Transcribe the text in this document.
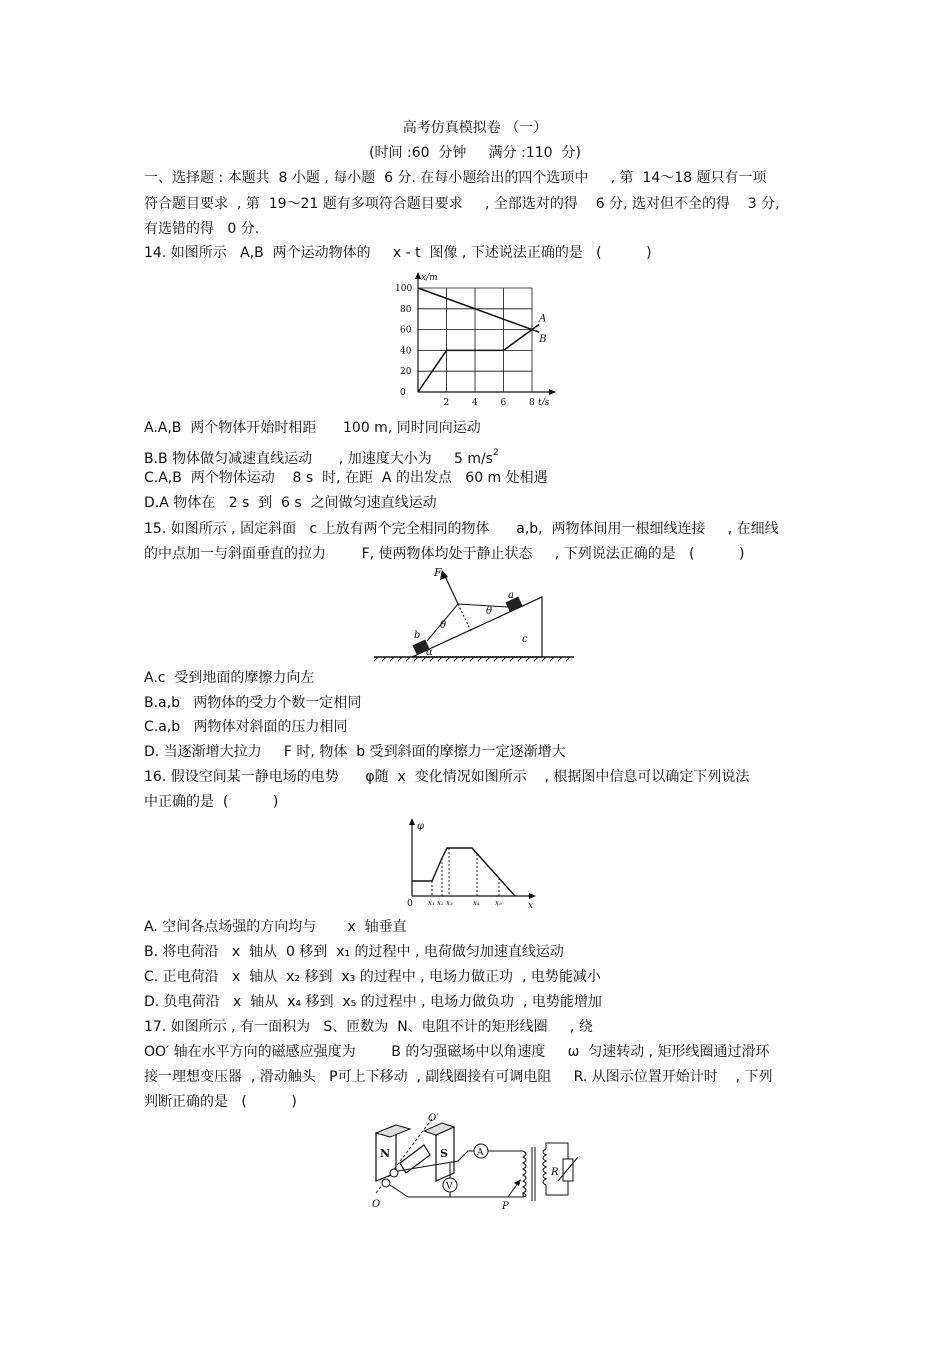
高考仿真模拟卷 （一）
(时间 :60  分钟     满分 :110  分)
一、选择题 : 本题共  8 小题 , 每小题  6 分. 在每小题给出的四个选项中     , 第  14～18 题只有一项
符合题目要求  , 第  19～21 题有多项符合题目要求     , 全部选对的得    6 分, 选对但不全的得    3 分,
有选错的得   0 分.
14. 如图所示   A,B  两个运动物体的     x - t  图像 , 下述说法正确的是   (          )
2	4	6	8
0
20
40
60
80
100
t/s
x/m
A
B
A.A,B  两个物体开始时相距      100 m, 同时同向运动
B.B 物体做匀减速直线运动      , 加速度大小为     5 $m/s^2$
C.A,B  两个物体运动    8 s  时, 在距  A 的出发点   60 m 处相遇
D.A 物体在   2 s  到  6 s  之间做匀速直线运动
15. 如图所示 , 固定斜面   c 上放有两个完全相同的物体      a,b,  两物体间用一根细线连接     , 在细线
的中点加一与斜面垂直的拉力        F, 使两物体均处于静止状态     , 下列说法正确的是   (          )
F
a
b	c
θ
θ
α
A.c  受到地面的摩擦力向左
B.a,b   两物体的受力个数一定相同
C.a,b   两物体对斜面的压力相同
D. 当逐渐增大拉力     F 时, 物体  b 受到斜面的摩擦力一定逐渐增大
16. 假设空间某一静电场的电势      φ随  x  变化情况如图所示    , 根据图中信息可以确定下列说法
中正确的是  (          )
φ
x
0 x₁ x₂ x₃	x₄ x₅
A. 空间各点场强的方向均与       x  轴垂直
B. 将电荷沿   x  轴从  0 移到  x₁ 的过程中 , 电荷做匀加速直线运动
C. 正电荷沿   x  轴从  x₂ 移到  x₃ 的过程中 , 电场力做正功  , 电势能减小
D. 负电荷沿   x  轴从  x₄ 移到  x₅ 的过程中 , 电场力做负功  , 电势能增加
17. 如图所示 , 有一面积为   S、匝数为  N、电阻不计的矩形线圈     , 绕
OO′ 轴在水平方向的磁感应强度为        B 的匀强磁场中以角速度     ω  匀速转动 , 矩形线圈通过滑环
接一理想变压器  , 滑动触头   P可上下移动  , 副线圈接有可调电阻     R. 从图示位置开始计时    , 下列
判断正确的是   (          )
N	S
O
O′
A
V
P
R
